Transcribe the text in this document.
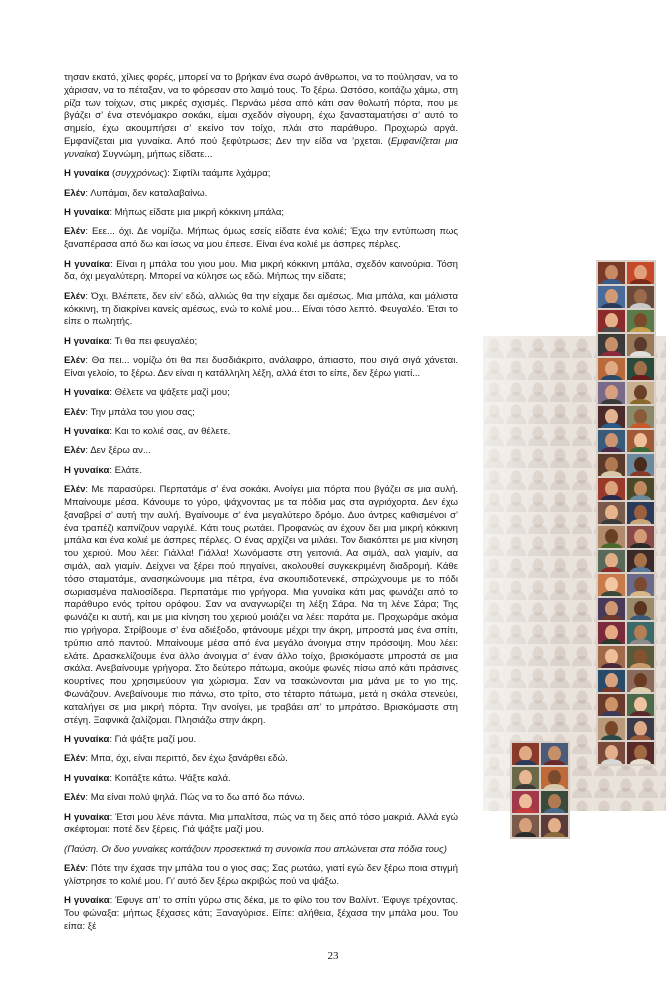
τησαν εκατό, χίλιες φορές, μπορεί να το βρήκαν ένα σωρό άνθρωποι, να το πούλησαν, να το χάρισαν, να το πέταξαν, να το φόρεσαν στο λαιμό τους. Το ξέρω. Ωστόσο, κοιτάζω χάμω, στη ρίζα των τοίχων, στις μικρές σχισμές. Περνάω μέσα από κάτι σαν θολωτή πόρτα, που με βγάζει σ’ ένα στενόμακρο σοκάκι, είμαι σχεδόν σίγουρη, έχω ξανασταματήσει σ’ αυτό το σημείο, έχω ακουμπήσει σ’ εκείνο τον τοίχο, πλάι στο παράθυρο. Προχωρώ αργά. Εμφανίζεται μια γυναίκα. Από πού ξεφύτρωσε; Δεν την είδα να ’ρχεται. (Εμφανίζεται μια γυναίκα) Συγνώμη, μήπως είδατε...

Η γυναίκα (συγχρόνως): Σιφτίλι ταάμπε λχάμρα;

Ελέν: Λυπάμαι, δεν καταλαβαίνω.

Η γυναίκα: Μήπως είδατε μια μικρή κόκκινη μπάλα;

Ελέν: Εεε... όχι. Δε νομίζω. Μήπως όμως εσείς είδατε ένα κολιέ; Έχω την εντύπωση πως ξαναπέρασα από δω και ίσως να μου έπεσε. Είναι ένα κολιέ με άσπρες πέρλες.

Η γυναίκα: Είναι η μπάλα του γιου μου. Μια μικρή κόκκινη μπάλα, σχεδόν καινούρια. Τόση δα, όχι μεγαλύτερη. Μπορεί να κύλησε ως εδώ. Μήπως την είδατε;

Ελέν: Όχι. Βλέπετε, δεν είν’ εδώ, αλλιώς θα την είχαμε δει αμέσως. Μια μπάλα, και μάλιστα κόκκινη, τη διακρίνει κανείς αμέσως, ενώ το κολιέ μου... Είναι τόσο λεπτό. Φευγαλέο. Έτσι το είπε ο πωλητής.

Η γυναίκα: Τι θα πει φευγαλέο;

Ελέν: Θα πει... νομίζω ότι θα πει δυσδιάκριτο, ανάλαφρο, άπιαστο, που σιγά σιγά χάνεται. Είναι γελοίο, το ξέρω. Δεν είναι η κατάλληλη λέξη, αλλά έτσι το είπε, δεν ξέρω γιατί...

Η γυναίκα: Θέλετε να ψάξετε μαζί μου;

Ελέν: Την μπάλα του γιου σας;

Η γυναίκα: Και το κολιέ σας, αν θέλετε.

Ελέν: Δεν ξέρω αν...

Η γυναίκα: Ελάτε.

Ελέν: Με παρασύρει. Περπατάμε σ’ ένα σοκάκι. Ανοίγει μια πόρτα που βγάζει σε μια αυλή. Μπαίνουμε μέσα. Κάνουμε το γύρο, ψάχνοντας με τα πόδια μας στα αγριόχορτα. Δεν έχω ξαναβρεί σ’ αυτή την αυλή. Βγαίνουμε σ’ ένα μεγαλύτερο δρόμο. Δυο άντρες καθισμένοι σ’ ένα τραπέζι καπνίζουν ναργιλέ. Κάτι τους ρωτάει. Προφανώς αν έχουν δει μια μικρή κόκκινη μπάλα και ένα κολιέ με άσπρες πέρλες. Ο ένας αρχίζει να μιλάει. Τον διακόπτει με μια κίνηση του χεριού. Μου λέει: Γιάλλα! Γιάλλα! Χωνόμαστε στη γειτονιά. Αα σιμάλ, ααλ γιαμίν, αα σιμάλ, ααλ γιαμίν. Δείχνει να ξέρει πού πηγαίνει, ακολουθεί συγκεκριμένη διαδρομή. Κάθε τόσο σταματάμε, ανασηκώνουμε μια πέτρα, ένα σκουπιδοτενεκέ, σπρώχνουμε με το πόδι σωριασμένα παλιοσίδερα. Περπατάμε πιο γρήγορα. Μια γυναίκα κάτι μας φωνάζει από το παράθυρο ενός τρίτου ορόφου. Σαν να αναγνωρίζει τη λέξη Σάρα. Να τη λένε Σάρα; Της φωνάζει κι αυτή, και με μια κίνηση του χεριού μοιάζει να λέει: παράτα με. Προχωράμε ακόμα πιο γρήγορα. Στρίβουμε σ’ ένα αδιέξοδο, φτάνουμε μέχρι την άκρη, μπροστά μας ένα σπίτι, τρύπιο από παντού. Μπαίνουμε μέσα από ένα μεγάλο άνοιγμα στην πρόσοψη. Μου λέει: ελάτε. Δρασκελίζουμε ένα άλλο άνοιγμα σ’ έναν άλλο τοίχο, βρισκόμαστε μπροστά σε μια σκάλα. Ανεβαίνουμε γρήγορα. Στο δεύτερο πάτωμα, ακούμε φωνές πίσω από κάτι πράσινες κουρτίνες που χρησιμεύουν για χώρισμα. Σαν να τσακώνονται μια μάνα με το γιο της. Φωνάζουν. Ανεβαίνουμε πιο πάνω, στο τρίτο, στο τέταρτο πάτωμα, μετά η σκάλα στενεύει, καταλήγει σε μια μικρή πόρτα. Την ανοίγει, με τραβάει απ’ το μπράτσο. Βρισκόμαστε στη στέγη. Ξαφνικά ζαλίζομαι. Πλησιάζω στην άκρη.

Η γυναίκα: Γιά ψάξτε μαζί μου.

Ελέν: Μπα, όχι, είναι περιττό, δεν έχω ξανάρθει εδώ.

Η γυναίκα: Κοιτάξτε κάτω. Ψάξτε καλά.

Ελέν: Μα είναι πολύ ψηλά. Πώς να το δω από δω πάνω.

Η γυναίκα: Έτσι μου λένε πάντα. Μια μπαλίτσα, πώς να τη δεις από τόσο μακριά. Αλλά εγώ σκέφτομαι: ποτέ δεν ξέρεις. Γιά ψάξτε μαζί μου.

(Παύση. Οι δυο γυναίκες κοιτάζουν προσεκτικά τη συνοικία που απλώνεται στα πόδια τους)

Ελέν: Πότε την έχασε την μπάλα του ο γιος σας; Σας ρωτάω, γιατί εγώ δεν ξέρω ποια στιγμή γλίστρησε το κολιέ μου. Γι’ αυτό δεν ξέρω ακριβώς πού να ψάξω.

Η γυναίκα: Έφυγε απ’ το σπίτι γύρω στις δέκα, με το φίλο του τον Βαλίντ. Έφυγε τρέχοντας. Του φώναξα: μήπως ξέχασες κάτι; Ξαναγύρισε. Είπε: αλήθεια, ξέχασα την μπάλα μου. Του είπα: ξέ

23
